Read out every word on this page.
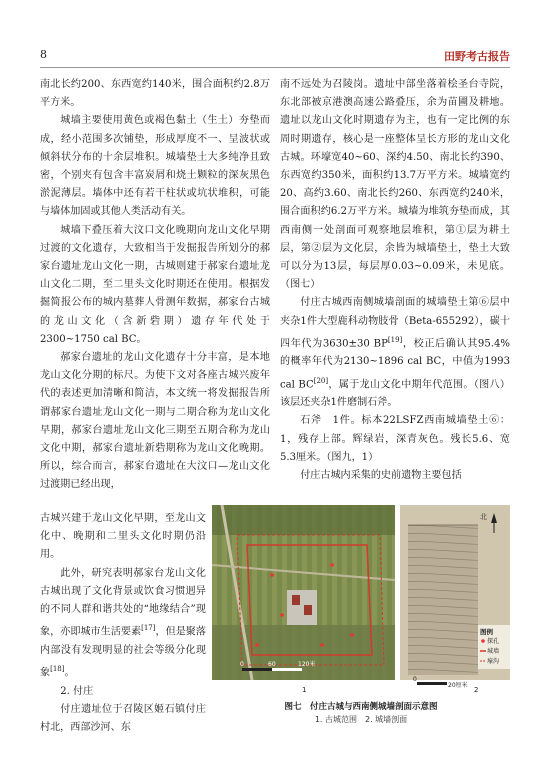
8	田野考古报告

南北长约200、东西宽约140米，围合面积约2.8万平方米。

城墙主要使用黄色或褐色黏土（生土）夯垫而成，经小范围多次铺垫，形成厚度不一、呈波状或倾斜状分布的十余层堆积。城墙垫土大多纯净且致密，个别夹有包含丰富炭屑和烧土颗粒的深灰黑色淤泥薄层。墙体中还有若干柱状或坑状堆积，可能与墙体加固或其他人类活动有关。

城墙下叠压着大汶口文化晚期向龙山文化早期过渡的文化遗存，大致相当于发掘报告所划分的郝家台遗址龙山文化一期，古城则建于郝家台遗址龙山文化二期，至二里头文化时期还在使用。根据发掘简报公布的城内墓葬人骨测年数据，郝家台古城的龙山文化（含新砦期）遗存年代处于2300~1750 cal BC。

郝家台遗址的龙山文化遗存十分丰富，是本地龙山文化分期的标尺。为使下文对各座古城兴废年代的表述更加清晰和简洁，本文统一将发掘报告所谓郝家台遗址龙山文化一期与二期合称为龙山文化早期，郝家台遗址龙山文化三期至五期合称为龙山文化中期，郝家台遗址新砦期称为龙山文化晚期。所以，综合而言，郝家台遗址在大汶口—龙山文化过渡期已经出现，

古城兴建于龙山文化早期，至龙山文化中、晚期和二里头文化时期仍沿用。

此外，研究表明郝家台龙山文化古城出现了文化背景或饮食习惯迥异的不同人群和谐共处的“地缘结合”现象，亦即城市生活要素[17]，但是聚落内部没有发现明显的社会等级分化现象[18]。

2. 付庄

付庄遗址位于召陵区姬石镇付庄村北，西部沙河、东

南不远处为召陵岗。遗址中部坐落着桧圣台寺院，东北部被京港澳高速公路叠压，余为苗圃及耕地。遗址以龙山文化时期遗存为主，也有一定比例的东周时期遗存，核心是一座整体呈长方形的龙山文化古城。环壕宽40~60、深约4.50、南北长约390、东西宽约350米，面积约13.7万平方米。城墙宽约20、高约3.60、南北长约260、东西宽约240米，围合面积约6.2万平方米。城墙为堆筑夯垫而成，其西南侧一处剖面可观察地层堆积，第①层为耕土层，第②层为文化层，余皆为城墙垫土，垫土大致可以分为13层，每层厚0.03~0.09米，未见底。（图七）

付庄古城西南侧城墙剖面的城墙垫土第⑥层中夹杂1件大型鹿科动物肢骨（Beta-655292），碳十四年代为3630±30 BP[19]，校正后确认其95.4%的概率年代为2130~1896 cal BC，中值为1993 cal BC[20]，属于龙山文化中期年代范围。（图八）该层还夹杂1件磨制石斧。

石斧　1件。标本22LSFZ西南城墙垫土⑥：1，残存上部。辉绿岩，深青灰色。残长5.6、宽5.3厘米。（图九，1）

付庄古城内采集的史前遗物主要包括

0	60	120米
北
图例
探孔
城墙
壕沟
0
20厘米
1	2
图七　付庄古城与西南侧城墙剖面示意图
1. 古城范围　2. 城墙剖面
